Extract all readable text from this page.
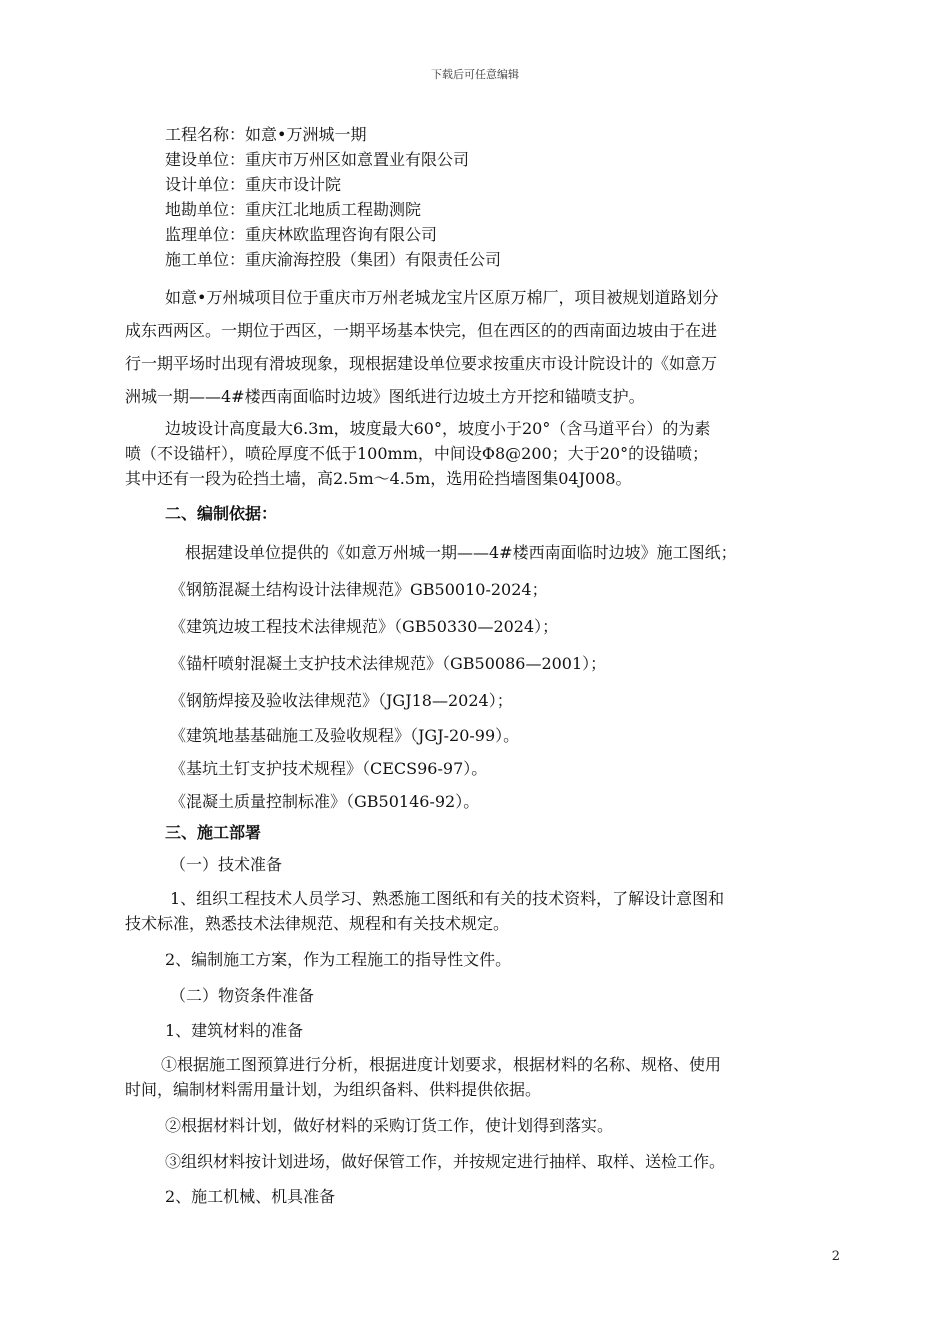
下载后可任意编辑
工程名称：如意•万洲城一期
建设单位：重庆市万州区如意置业有限公司
设计单位：重庆市设计院
地勘单位：重庆江北地质工程勘测院
监理单位：重庆林欧监理咨询有限公司
施工单位：重庆渝海控股（集团）有限责任公司
如意•万州城项目位于重庆市万州老城龙宝片区原万棉厂，项目被规划道路划分
成东西两区。一期位于西区，一期平场基本快完，但在西区的的西南面边坡由于在进
行一期平场时出现有滑坡现象，现根据建设单位要求按重庆市设计院设计的《如意万
洲城一期——4#楼西南面临时边坡》图纸进行边坡土方开挖和锚喷支护。
边坡设计高度最大6.3m，坡度最大60°，坡度小于20°（含马道平台）的为素
喷（不设锚杆），喷砼厚度不低于100mm，中间设Φ8@200；大于20°的设锚喷；
其中还有一段为砼挡土墙，高2.5m～4.5m，选用砼挡墙图集04J008。
二、编制依据：
根据建设单位提供的《如意万州城一期——4#楼西南面临时边坡》施工图纸；
《钢筋混凝土结构设计法律规范》GB50010-2024；
《建筑边坡工程技术法律规范》（GB50330—2024）；
《锚杆喷射混凝土支护技术法律规范》（GB50086—2001）；
《钢筋焊接及验收法律规范》（JGJ18—2024）；
《建筑地基基础施工及验收规程》（JGJ-20-99）。
《基坑土钉支护技术规程》（CECS96-97）。
《混凝土质量控制标准》（GB50146-92）。
三、施工部署
（一）技术准备
1、组织工程技术人员学习、熟悉施工图纸和有关的技术资料，了解设计意图和
技术标准，熟悉技术法律规范、规程和有关技术规定。
2、编制施工方案，作为工程施工的指导性文件。
（二）物资条件准备
1、建筑材料的准备
①根据施工图预算进行分析，根据进度计划要求，根据材料的名称、规格、使用
时间，编制材料需用量计划，为组织备料、供料提供依据。
②根据材料计划，做好材料的采购订货工作，使计划得到落实。
③组织材料按计划进场，做好保管工作，并按规定进行抽样、取样、送检工作。
2、施工机械、机具准备
2
